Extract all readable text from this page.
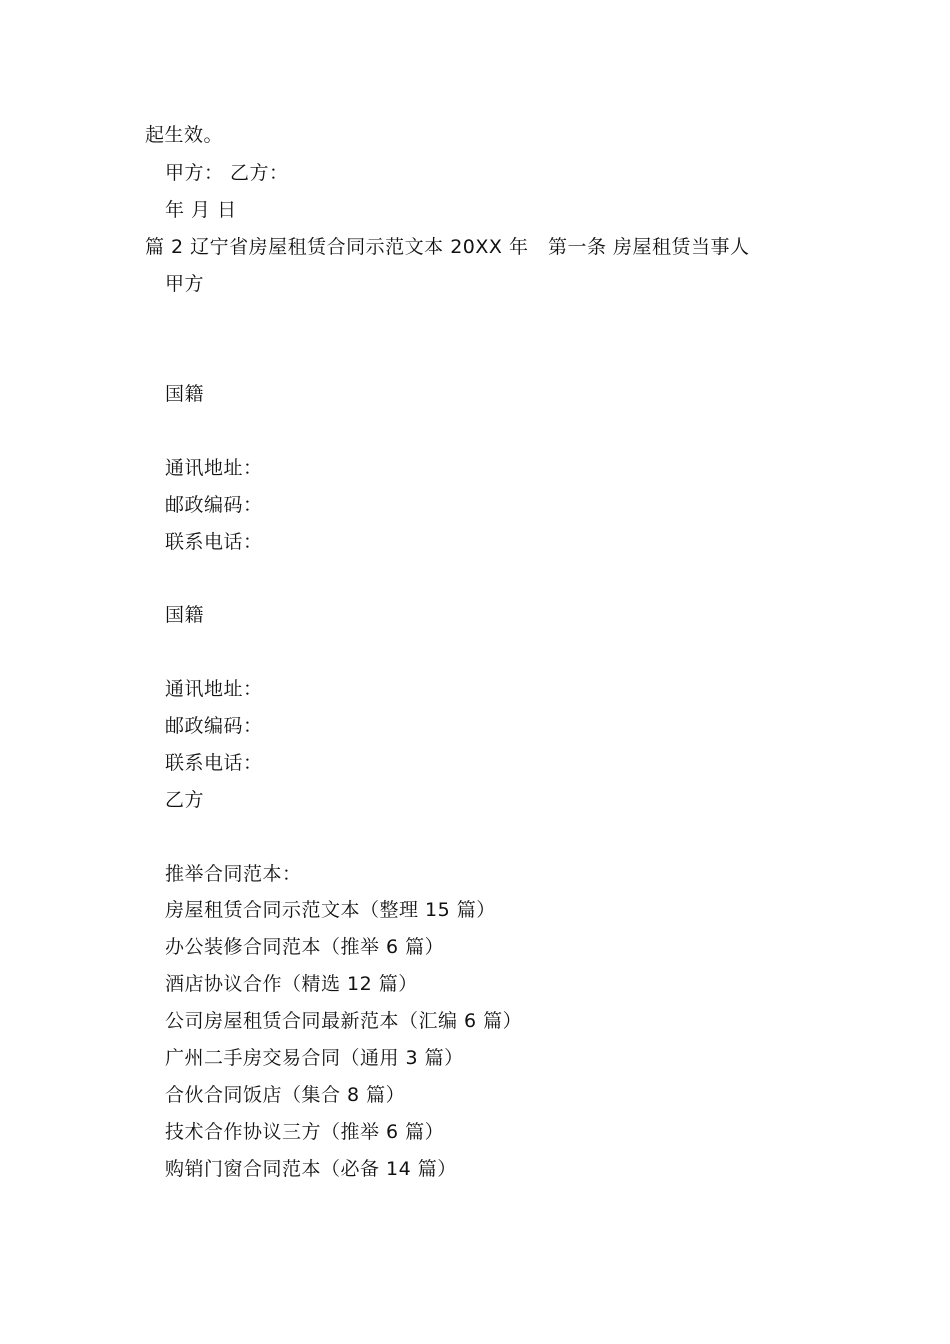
起生效。
甲方： 乙方：
年 月 日
篇 2 辽宁省房屋租赁合同示范文本 20XX 年　第一条 房屋租赁当事人
甲方
国籍
通讯地址：
邮政编码：
联系电话：
国籍
通讯地址：
邮政编码：
联系电话：
乙方
推举合同范本：
房屋租赁合同示范文本（整理 15 篇）
办公装修合同范本（推举 6 篇）
酒店协议合作（精选 12 篇）
公司房屋租赁合同最新范本（汇编 6 篇）
广州二手房交易合同（通用 3 篇）
合伙合同饭店（集合 8 篇）
技术合作协议三方（推举 6 篇）
购销门窗合同范本（必备 14 篇）
